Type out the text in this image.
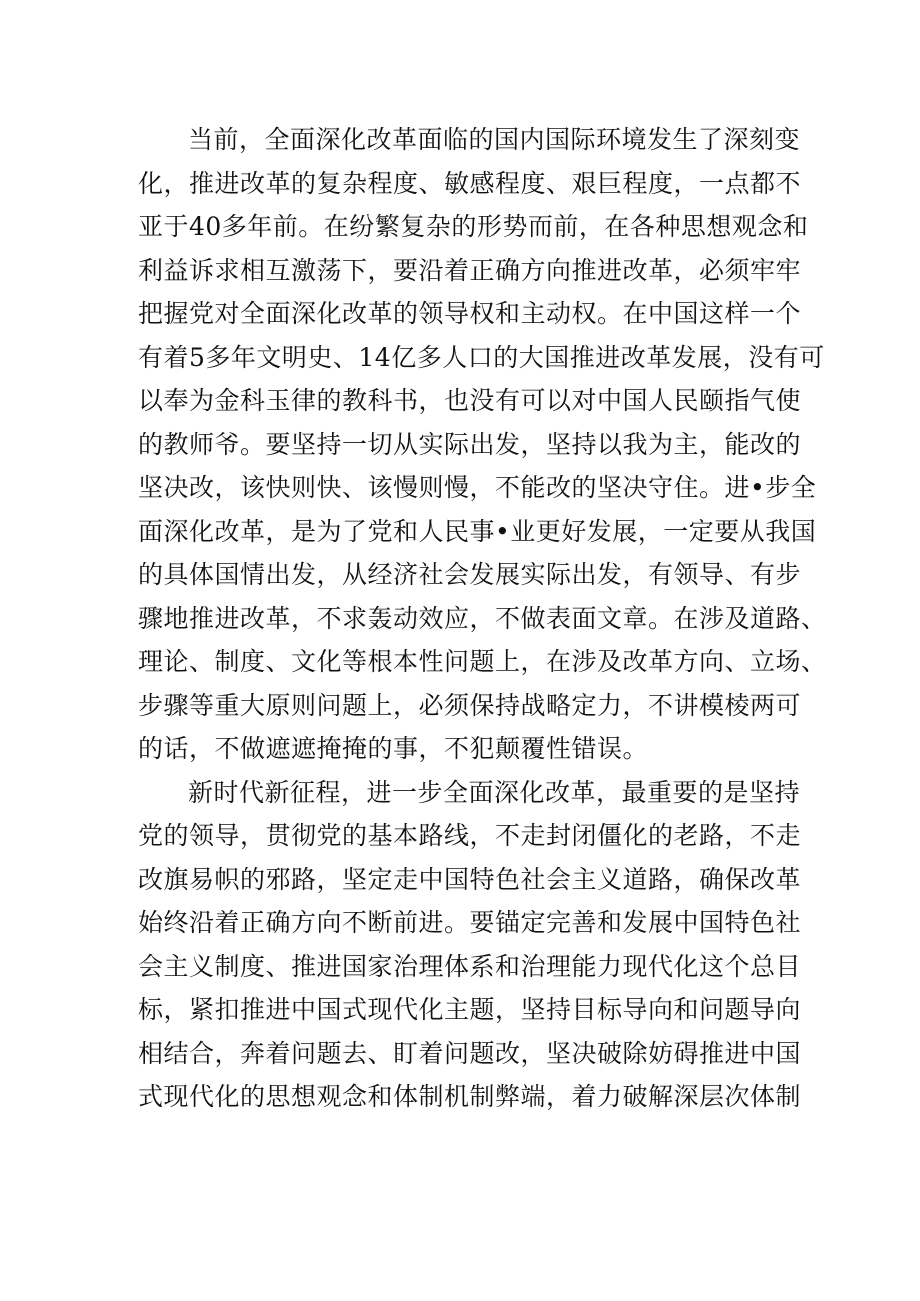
当前，全面深化改革面临的国内国际环境发生了深刻变
化，推进改革的复杂程度、敏感程度、艰巨程度，一点都不
亚于40多年前。在纷繁复杂的形势而前，在各种思想观念和
利益诉求相互激荡下，要沿着正确方向推进改革，必须牢牢
把握党对全面深化改革的领导权和主动权。在中国这样一个
有着5多年文明史、14亿多人口的大国推进改革发展，没有可
以奉为金科玉律的教科书，也没有可以对中国人民颐指气使
的教师爷。要坚持一切从实际出发，坚持以我为主，能改的
坚决改，该快则快、该慢则慢，不能改的坚决守住。进•步全
面深化改革，是为了党和人民事•业更好发展，一定要从我国
的具体国情出发，从经济社会发展实际出发，有领导、有步
骤地推进改革，不求轰动效应，不做表面文章。在涉及道路、
理论、制度、文化等根本性问题上，在涉及改革方向、立场、
步骤等重大原则问题上，必须保持战略定力，不讲模棱两可
的话，不做遮遮掩掩的事，不犯颠覆性错误。
新时代新征程，进一步全面深化改革，最重要的是坚持
党的领导，贯彻党的基本路线，不走封闭僵化的老路，不走
改旗易帜的邪路，坚定走中国特色社会主义道路，确保改革
始终沿着正确方向不断前进。要锚定完善和发展中国特色社
会主义制度、推进国家治理体系和治理能力现代化这个总目
标，紧扣推进中国式现代化主题，坚持目标导向和问题导向
相结合，奔着问题去、盯着问题改，坚决破除妨碍推进中国
式现代化的思想观念和体制机制弊端，着力破解深层次体制
